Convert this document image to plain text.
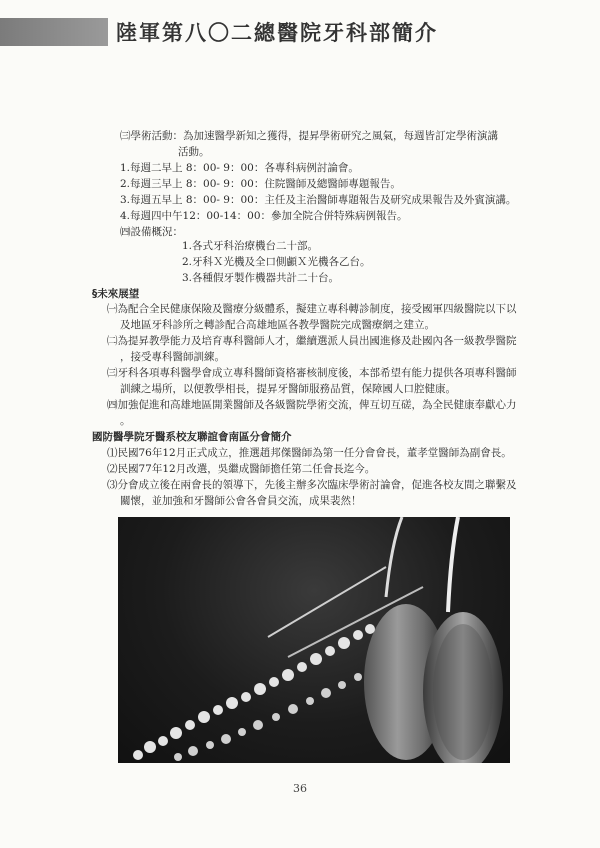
陸軍第八〇二總醫院牙科部簡介
㈢學術活動：為加速醫學新知之獲得，提昇學術研究之風氣，每週皆訂定學術演講
活動。
1.每週二早上 8：00- 9：00：各專科病例討論會。
2.每週三早上 8：00- 9：00：住院醫師及總醫師專題報告。
3.每週五早上 8：00- 9：00：主任及主治醫師專題報告及研究成果報告及外賓演講。
4.每週四中午12：00-14：00：參加全院合併特殊病例報告。
㈣設備概況：
1.各式牙科治療機台二十部。
2.牙科Ｘ光機及全口側顱Ｘ光機各乙台。
3.各種假牙製作機器共計二十台。
§未來展望
㈠為配合全民健康保險及醫療分級體系，擬建立專科轉診制度，接受國軍四級醫院以下以
及地區牙科診所之轉診配合高雄地區各教學醫院完成醫療網之建立。
㈡為提昇教學能力及培育專科醫師人才，繼續選派人員出國進修及赴國內各一級教學醫院
，接受專科醫師訓練。
㈢牙科各項專科醫學會成立專科醫師資格審核制度後，本部希望有能力提供各項專科醫師
訓練之場所，以便教學相長，提昇牙醫師服務品質，保障國人口腔健康。
㈣加強促進和高雄地區開業醫師及各級醫院學術交流，俾互切互磋，為全民健康奉獻心力
。
國防醫學院牙醫系校友聯誼會南區分會簡介
⑴民國76年12月正式成立，推選趙邦傑醫師為第一任分會會長，董孝堂醫師為副會長。
⑵民國77年12月改選，吳繼成醫師擔任第二任會長迄今。
⑶分會成立後在兩會長的領導下，先後主辦多次臨床學術討論會，促進各校友間之聯繫及
關懷，並加強和牙醫師公會各會員交流，成果裴然！
36
